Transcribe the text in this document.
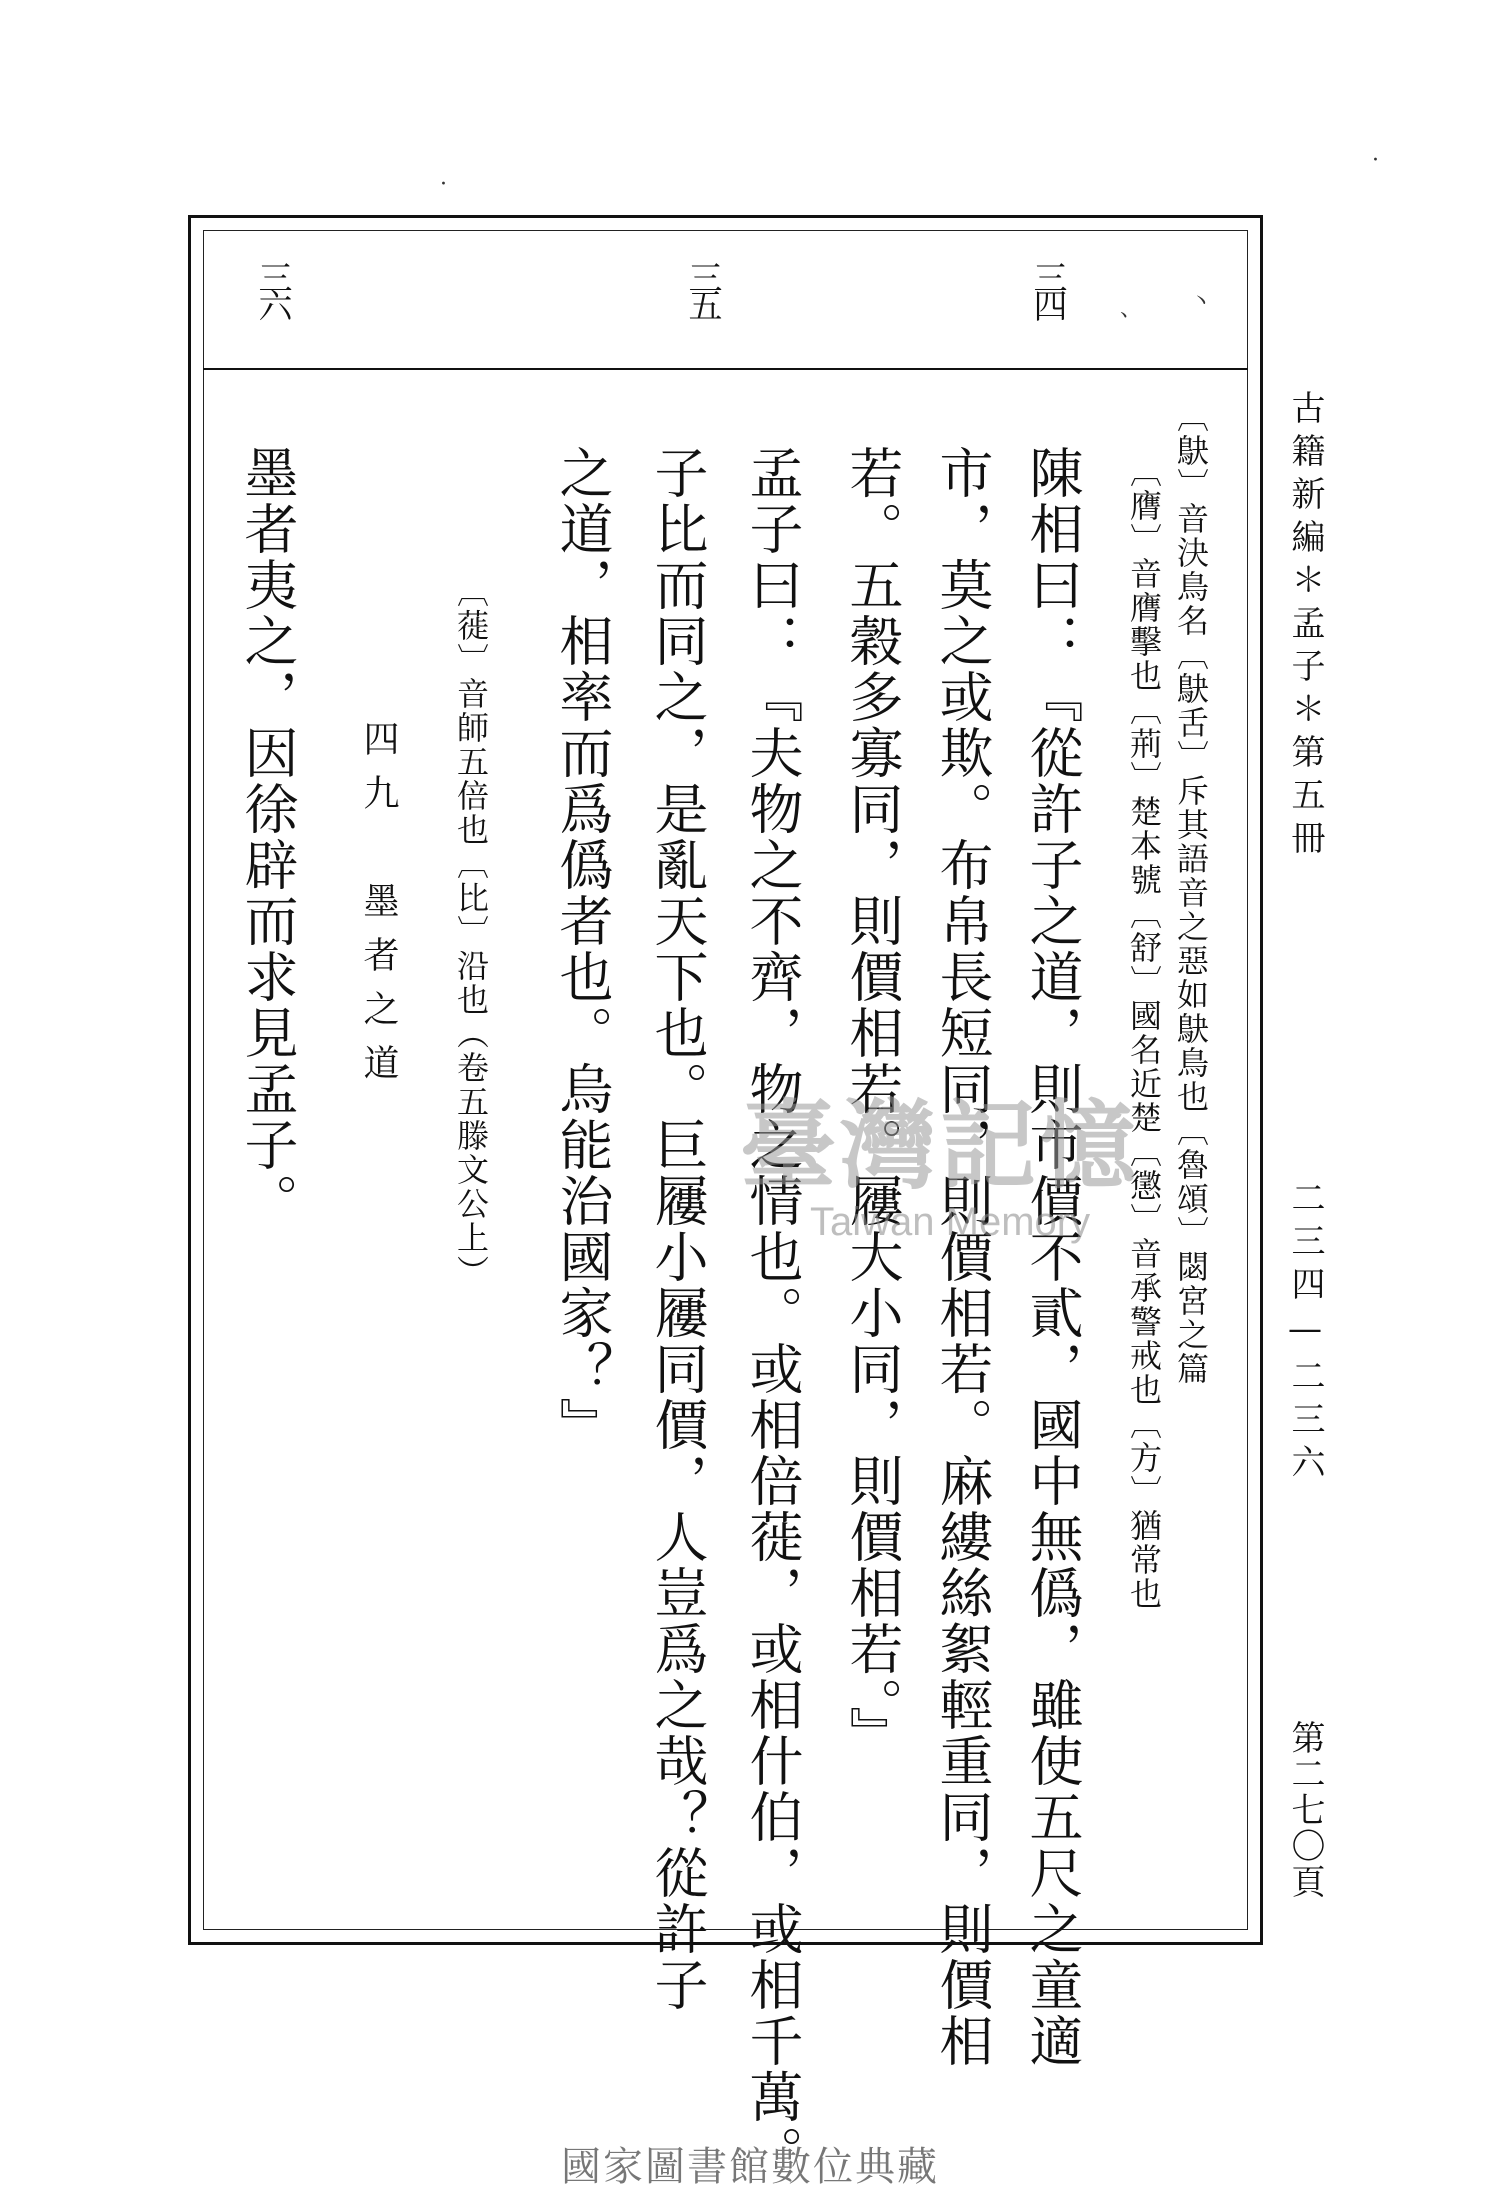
三四
三五
三六
古籍新編＊孟子＊第五冊
二三四—二三六
第二七〇頁
〔鴃〕音決鳥名〔鴃舌〕斥其語音之惡如鴃鳥也〔魯頌〕閟宮之篇
〔膺〕音膺擊也〔荊〕楚本號〔舒〕國名近楚〔懲〕音承警戒也〔方〕猶常也
陳相曰：『從許子之道，則市價不貳，國中無僞，雖使五尺之童適
市，莫之或欺。布帛長短同，則價相若。麻縷絲絮輕重同，則價相
若。五穀多寡同，則價相若。屨大小同，則價相若。』
孟子曰：『夫物之不齊，物之情也。或相倍蓰，或相什伯，或相千萬。
子比而同之，是亂天下也。巨屨小屨同價，人豈爲之哉？從許子
之道，相率而爲僞者也。烏能治國家？』
〔蓰〕音師五倍也〔比〕沿也（卷五滕文公上）
四九　墨者之道
墨者夷之，因徐辟而求見孟子。	臺灣記憶
Taiwan Memory
、 丶
·
·
國家圖書館數位典藏
